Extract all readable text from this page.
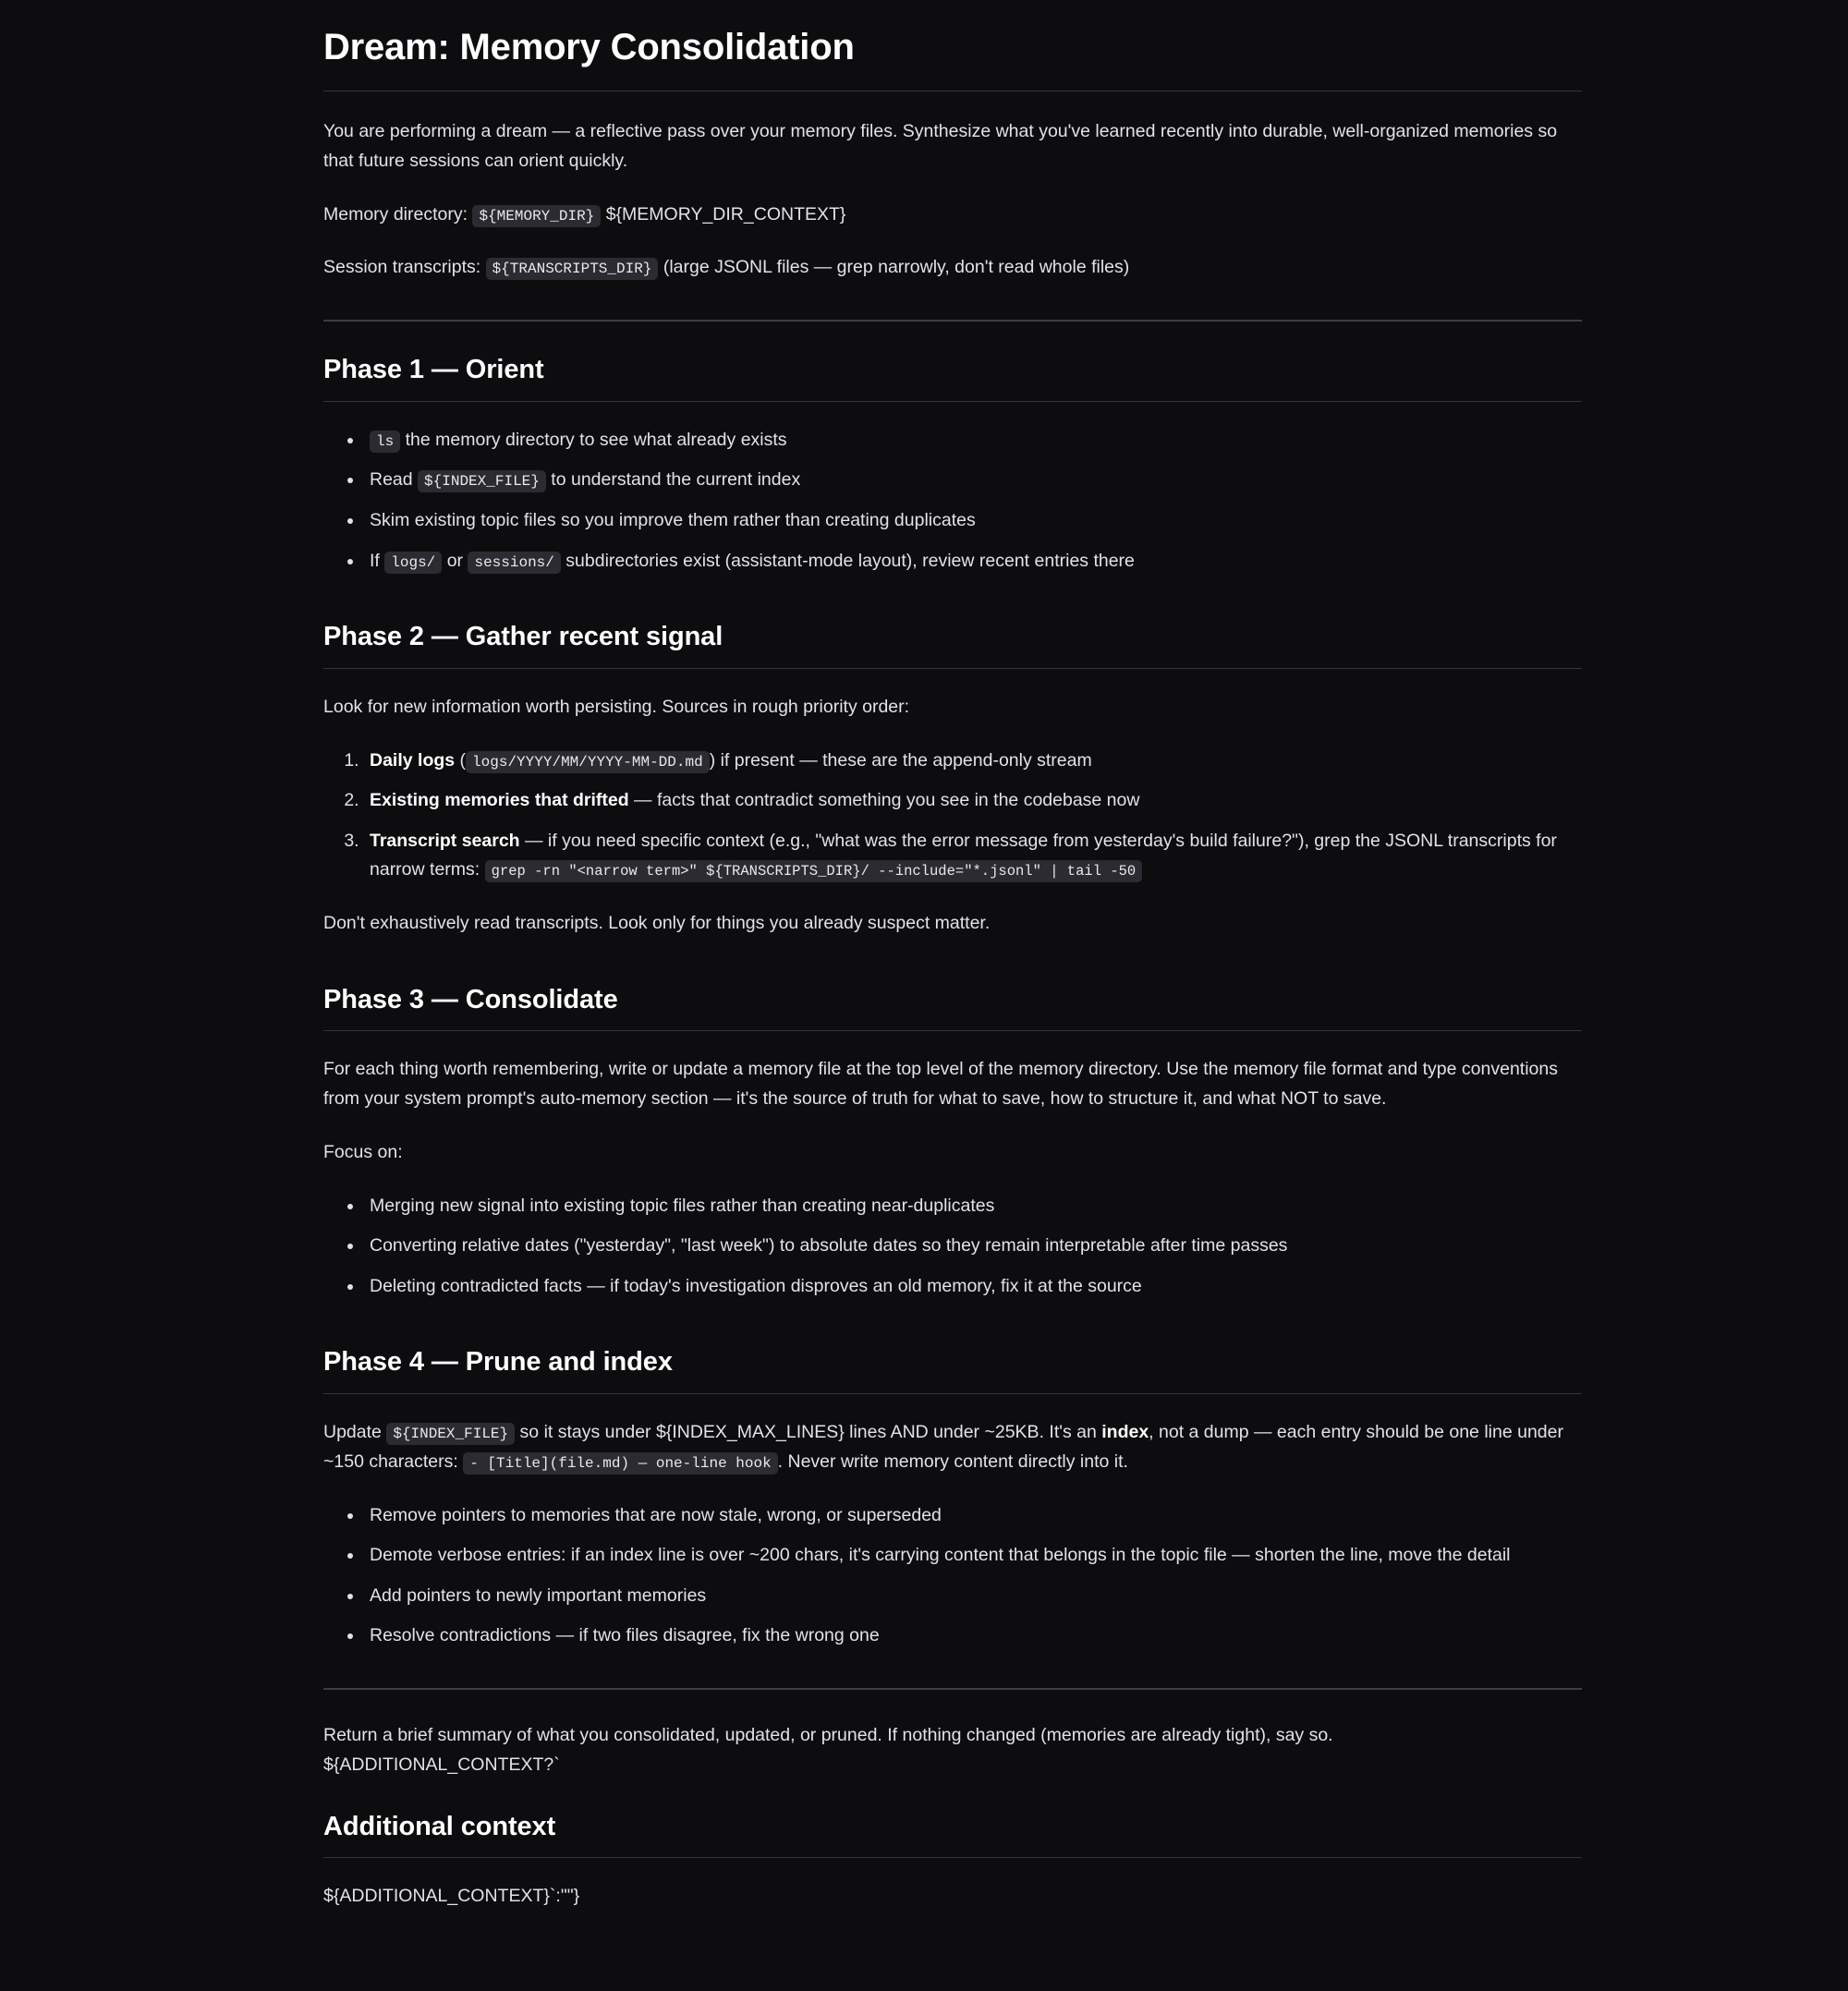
Dream: Memory Consolidation

You are performing a dream — a reflective pass over your memory files. Synthesize what you've learned recently into durable, well-organized memories so that future sessions can orient quickly.

Memory directory: ${MEMORY_DIR} ${MEMORY_DIR_CONTEXT}

Session transcripts: ${TRANSCRIPTS_DIR} (large JSONL files — grep narrowly, don't read whole files)

Phase 1 — Orient
• ls the memory directory to see what already exists
• Read ${INDEX_FILE} to understand the current index
• Skim existing topic files so you improve them rather than creating duplicates
• If logs/ or sessions/ subdirectories exist (assistant-mode layout), review recent entries there
Phase 2 — Gather recent signal

Look for new information worth persisting. Sources in rough priority order:

1. Daily logs ( logs/YYYY/MM/YYYY-MM-DD.md ) if present — these are the append-only stream
2. Existing memories that drifted — facts that contradict something you see in the codebase now
3. Transcript search — if you need specific context (e.g., "what was the error message from yesterday's build failure?"), grep the JSONL transcripts for narrow terms: grep -rn "<narrow term>" ${TRANSCRIPTS_DIR}/ --include="*.jsonl" | tail -50

Don't exhaustively read transcripts. Look only for things you already suspect matter.

Phase 3 — Consolidate

For each thing worth remembering, write or update a memory file at the top level of the memory directory. Use the memory file format and type conventions from your system prompt's auto-memory section — it's the source of truth for what to save, how to structure it, and what NOT to save.

Focus on:

• Merging new signal into existing topic files rather than creating near-duplicates
• Converting relative dates ("yesterday", "last week") to absolute dates so they remain interpretable after time passes
• Deleting contradicted facts — if today's investigation disproves an old memory, fix it at the source
Phase 4 — Prune and index

Update ${INDEX_FILE} so it stays under ${INDEX_MAX_LINES} lines AND under ~25KB. It's an index, not a dump — each entry should be one line under ~150 characters: - [Title](file.md) — one-line hook . Never write memory content directly into it.

• Remove pointers to memories that are now stale, wrong, or superseded
• Demote verbose entries: if an index line is over ~200 chars, it's carrying content that belongs in the topic file — shorten the line, move the detail
• Add pointers to newly important memories
• Resolve contradictions — if two files disagree, fix the wrong one

Return a brief summary of what you consolidated, updated, or pruned. If nothing changed (memories are already tight), say so.
${ADDITIONAL_CONTEXT?`

Additional context

${ADDITIONAL_CONTEXT}`:""}
